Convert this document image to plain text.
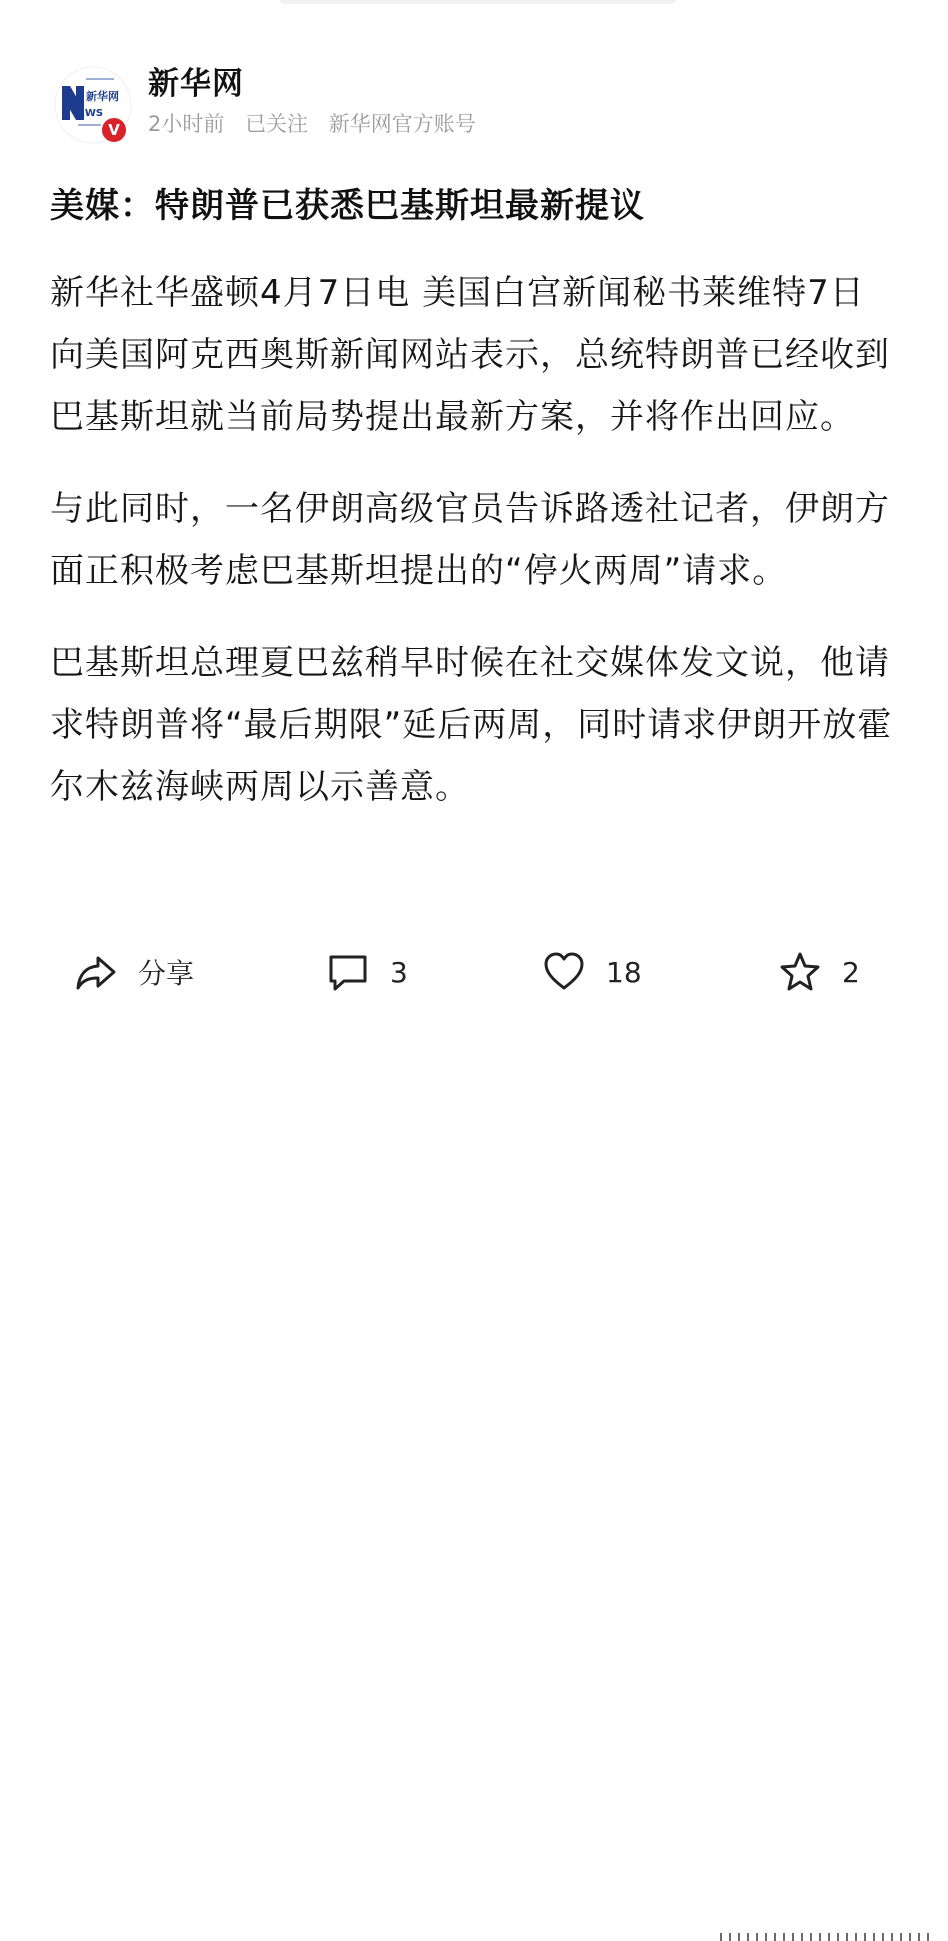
新华网
EWS
V
新华网
2小时前 已关注 新华网官方账号
美媒：特朗普已获悉巴基斯坦最新提议

新华社华盛顿4月7日电 美国白宫新闻秘书莱维特7日向美国阿克西奥斯新闻网站表示，总统特朗普已经收到巴基斯坦就当前局势提出最新方案，并将作出回应。

与此同时，一名伊朗高级官员告诉路透社记者，伊朗方面正积极考虑巴基斯坦提出的“停火两周”请求。

巴基斯坦总理夏巴兹稍早时候在社交媒体发文说，他请求特朗普将“最后期限”延后两周，同时请求伊朗开放霍尔木兹海峡两周以示善意。

分享	3	18	2
